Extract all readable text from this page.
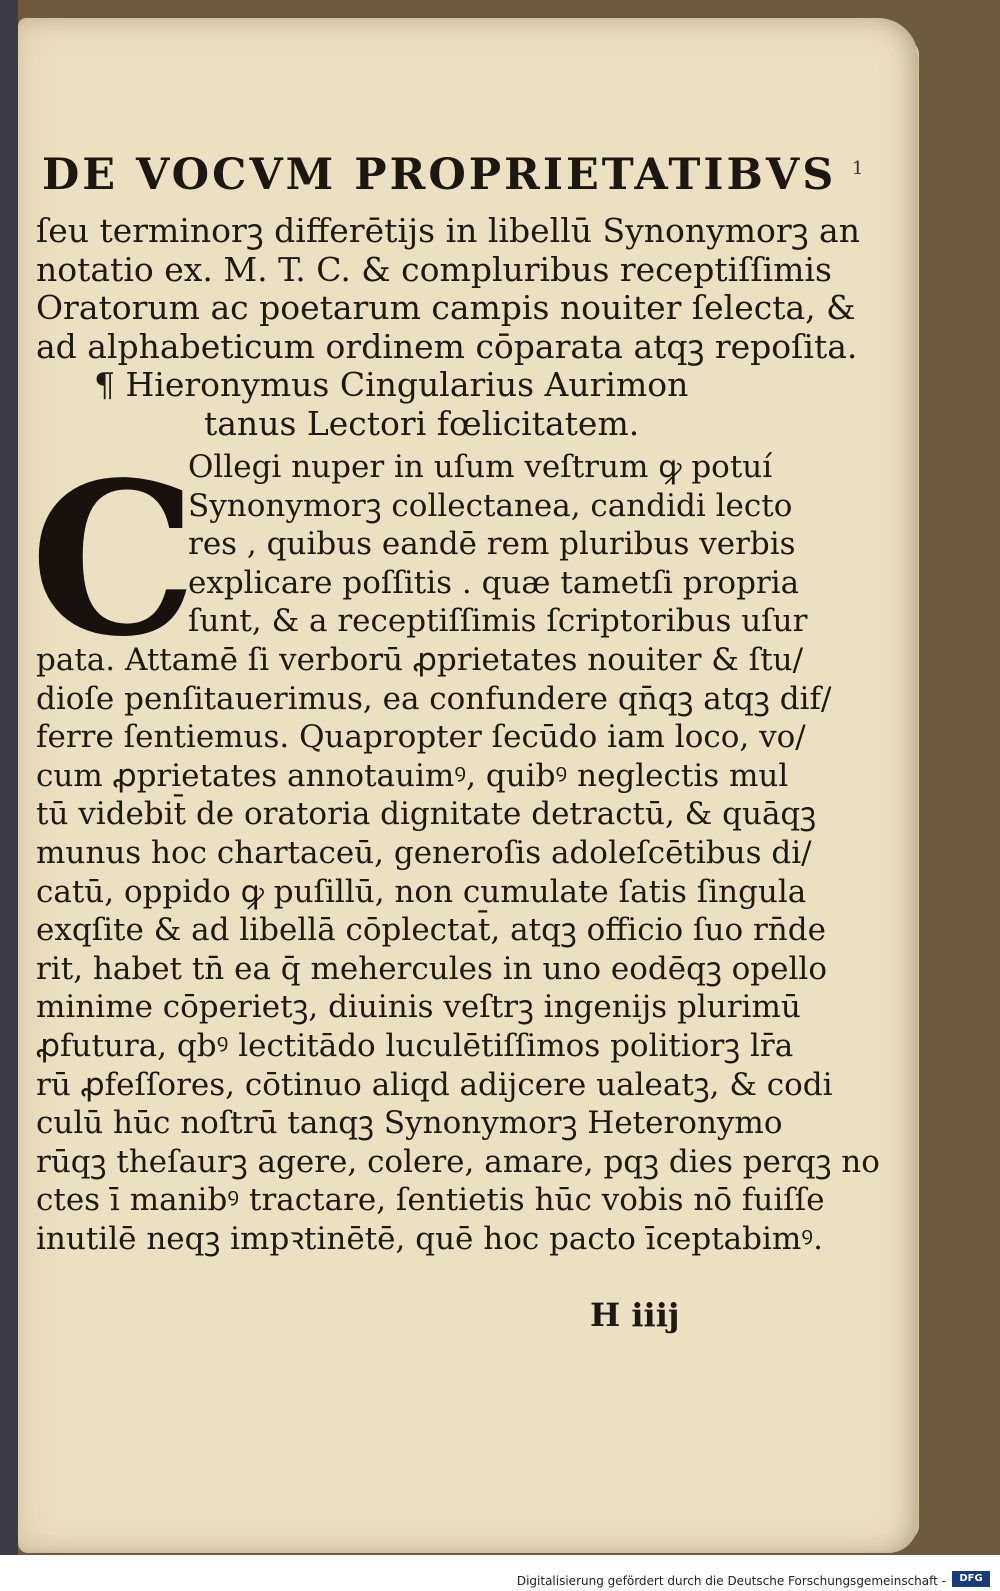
DE VOCVM PROPRIETATIBVS 1
ſeu terminorꝫ differētijs in libellū Synonymorꝫ an
notatio ex. M. T. C. & compluribus receptiſſimis
Oratorum ac poetarum campis nouiter ſelecta, &
ad alphabeticum ordinem cōparata atqꝫ repoſita.
¶ Hieronymus Cingularius Aurimon
tanus Lectori fœlicitatem.
C
Ollegi nuper in uſum veſtrum ꝙ potuí
Synonymorꝫ collectanea, candidi lecto
res , quibus eandē rem pluribus verbis
explicare poſſitis . quæ tametſi propria
ſunt, & a receptiſſimis ſcriptoribus uſur
pata. Attamē ſi verborū ꝓprietates nouiter & ſtu/
dioſe penſitauerimus, ea confundere qn̄qꝫ atqꝫ dif/
ferre ſentiemus. Quapropter ſecūdo iam loco, vo/
cum ꝓprietates annotauimꝰ, quibꝰ neglectis mul
tū videbit̄ de oratoria dignitate detractū, & quāqꝫ
munus hoc chartaceū, generoſis adoleſcētibus di/
catū, oppido ꝙ puſillū, non cumulate ſatis ſingula
exqſite & ad libellā cōplectat̄, atqꝫ officio ſuo rn̄de
rit, habet tn̄ ea q̄ mehercules in uno eodēqꝫ opello
minime cōperietꝫ, diuinis veſtrꝫ ingenijs plurimū
ꝓfutura, qbꝰ lectitādo luculētiſſimos politiorꝫ lr̄a
rū ꝓfeſſores, cōtinuo aliqd adijcere ualeatꝫ, & codi
culū hūc noſtrū tanqꝫ Synonymorꝫ Heteronymo
rūqꝫ theſaurꝫ agere, colere, amare, pqꝫ dies perqꝫ no
ctes ī manibꝰ tractare, ſentietis hūc vobis nō fuiſſe
inutilē neqꝫ impꝛtinētē, quē hoc pacto īceptabimꝰ.
H iiij
Digitalisierung gefördert durch die Deutsche Forschungsgemeinschaft -	DFG
